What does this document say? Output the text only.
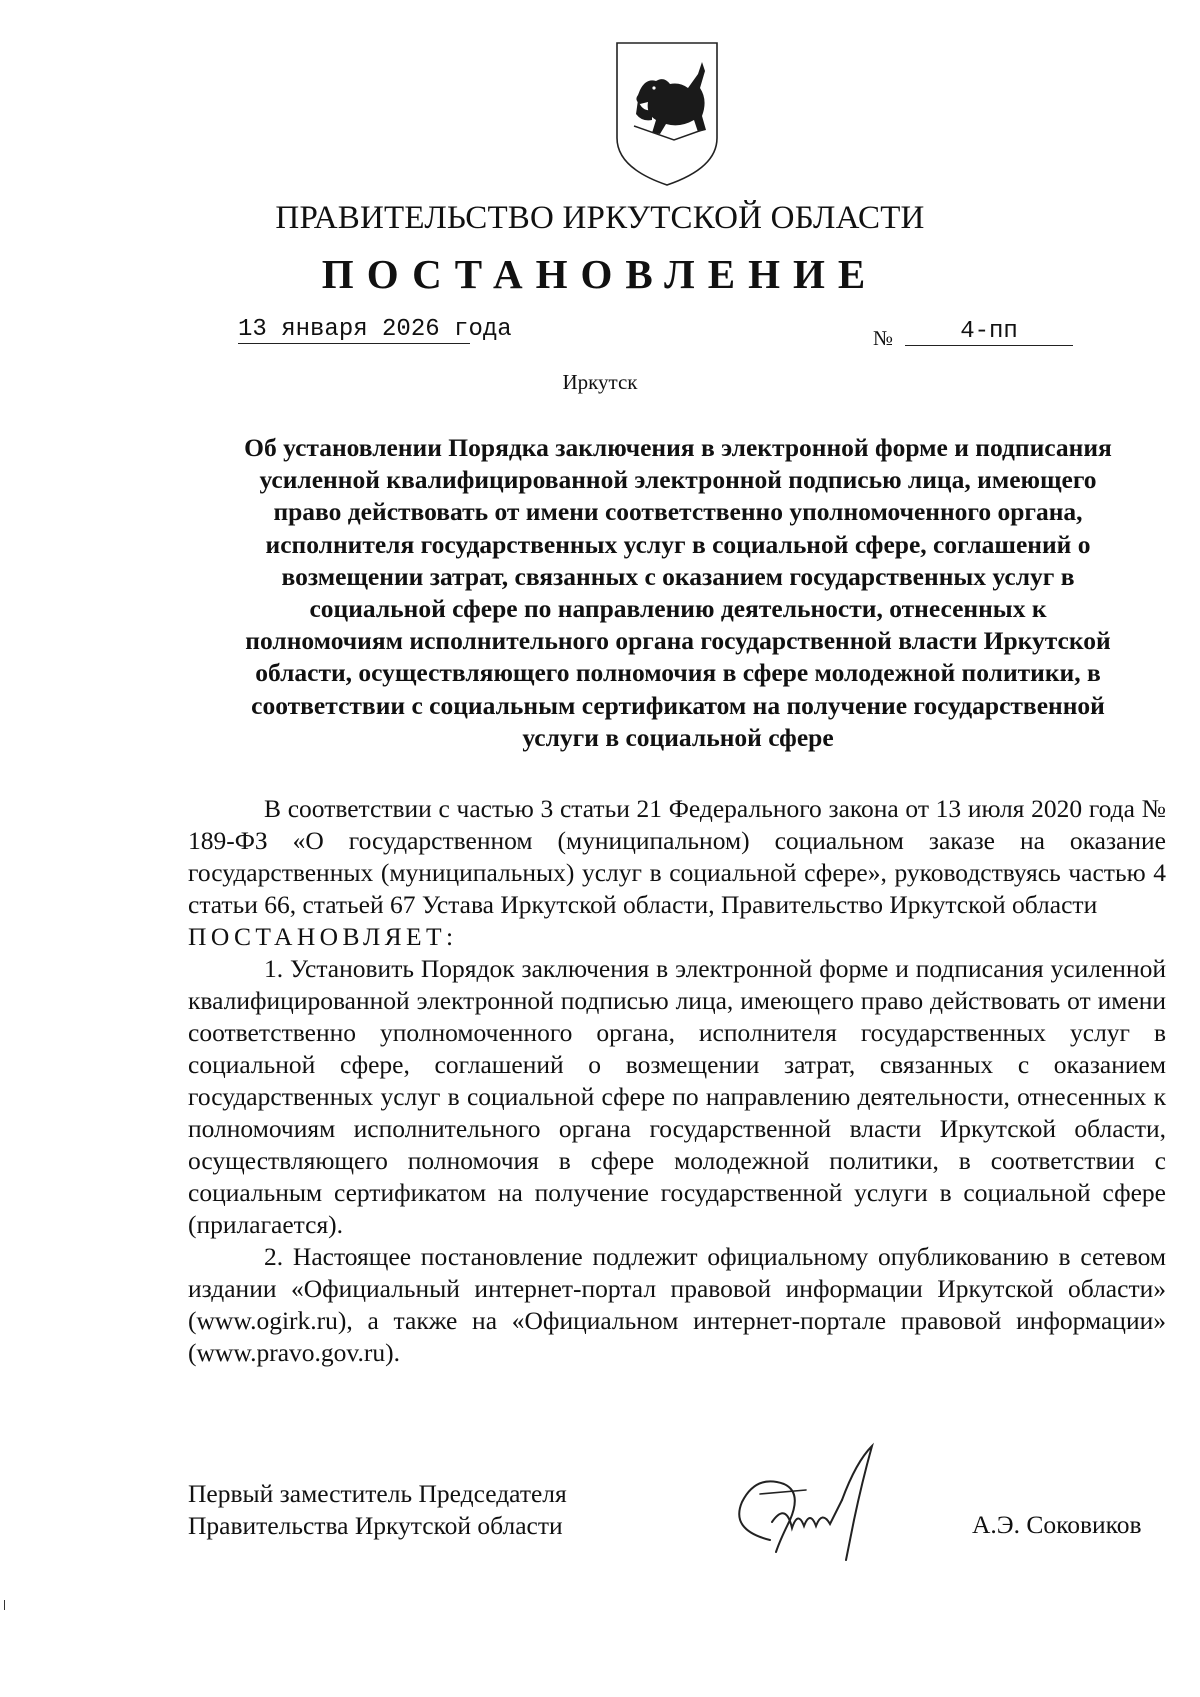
ПРАВИТЕЛЬСТВО ИРКУТСКОЙ ОБЛАСТИ
ПОСТАНОВЛЕНИЕ
13 января 2026 года	№	4-пп
Иркутск
Об установлении Порядка заключения в электронной форме и подписания
усиленной квалифицированной электронной подписью лица, имеющего
право действовать от имени соответственно уполномоченного органа,
исполнителя государственных услуг в социальной сфере, соглашений о
возмещении затрат, связанных с оказанием государственных услуг в
социальной сфере по направлению деятельности, отнесенных к
полномочиям исполнительного органа государственной власти Иркутской
области, осуществляющего полномочия в сфере молодежной политики, в
соответствии с социальным сертификатом на получение государственной
услуги в социальной сфере

В соответствии с частью 3 статьи 21 Федерального закона от 13 июля 2020 года № 189-ФЗ «О государственном (муниципальном) социальном заказе на оказание государственных (муниципальных) услуг в социальной сфере», руководствуясь частью 4 статьи 66, статьей 67 Устава Иркутской области, Правительство Иркутской области

ПОСТАНОВЛЯЕТ:

1. Установить Порядок заключения в электронной форме и подписания усиленной квалифицированной электронной подписью лица, имеющего право действовать от имени соответственно уполномоченного органа, исполнителя государственных услуг в социальной сфере, соглашений о возмещении затрат, связанных с оказанием государственных услуг в социальной сфере по направлению деятельности, отнесенных к полномочиям исполнительного органа государственной власти Иркутской области, осуществляющего полномочия в сфере молодежной политики, в соответствии с социальным сертификатом на получение государственной услуги в социальной сфере (прилагается).

2. Настоящее постановление подлежит официальному опубликованию в сетевом издании «Официальный интернет-портал правовой информации Иркутской области» (www.ogirk.ru), а также на «Официальном интернет-портале правовой информации» (www.pravo.gov.ru).

Первый заместитель Председателя
Правительства Иркутской области	А.Э. Соковиков
